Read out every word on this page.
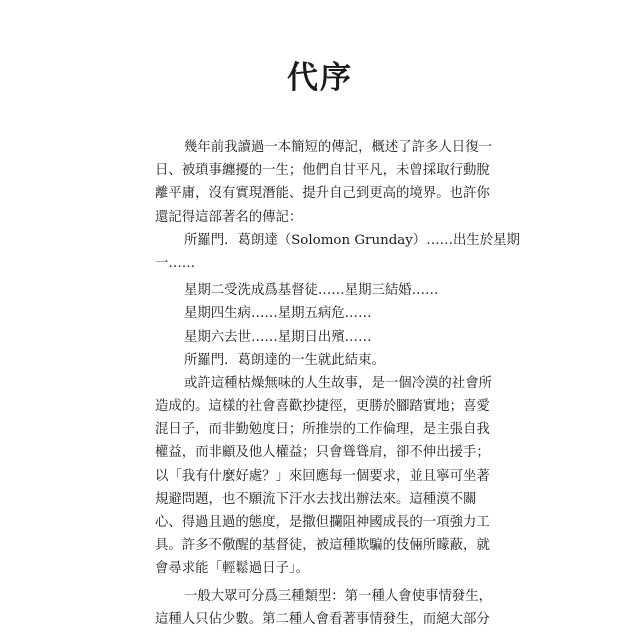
代序
幾年前我讀過一本簡短的傳記，概述了許多人日復一
日、被瑣事纏擾的一生；他們自甘平凡，未曾採取行動脫
離平庸，沒有實現潛能、提升自己到更高的境界。也許你
還記得這部著名的傳記：
所羅門．葛朗達（Solomon Grunday）……出生於星期
一……
星期二受洗成爲基督徒……星期三結婚……
星期四生病……星期五病危……
星期六去世……星期日出殯……
所羅門．葛朗達的一生就此結束。
或許這種枯燥無味的人生故事，是一個冷漠的社會所
造成的。這樣的社會喜歡抄捷徑，更勝於腳踏實地；喜愛
混日子，而非勤勉度日；所推崇的工作倫理，是主張自我
權益，而非顧及他人權益；只會聳聳肩，卻不伸出援手；
以「我有什麼好處？」來回應每一個要求，並且寧可坐著
規避問題，也不願流下汗水去找出辦法來。這種漠不關
心、得過且過的態度，是撒但攔阻神國成長的一項強力工
具。許多不儆醒的基督徒，被這種欺騙的伎倆所矇蔽，就
會尋求能「輕鬆過日子」。
一般大眾可分爲三種類型：第一種人會使事情發生，
這種人只佔少數。第二種人會看著事情發生，而絕大部分
